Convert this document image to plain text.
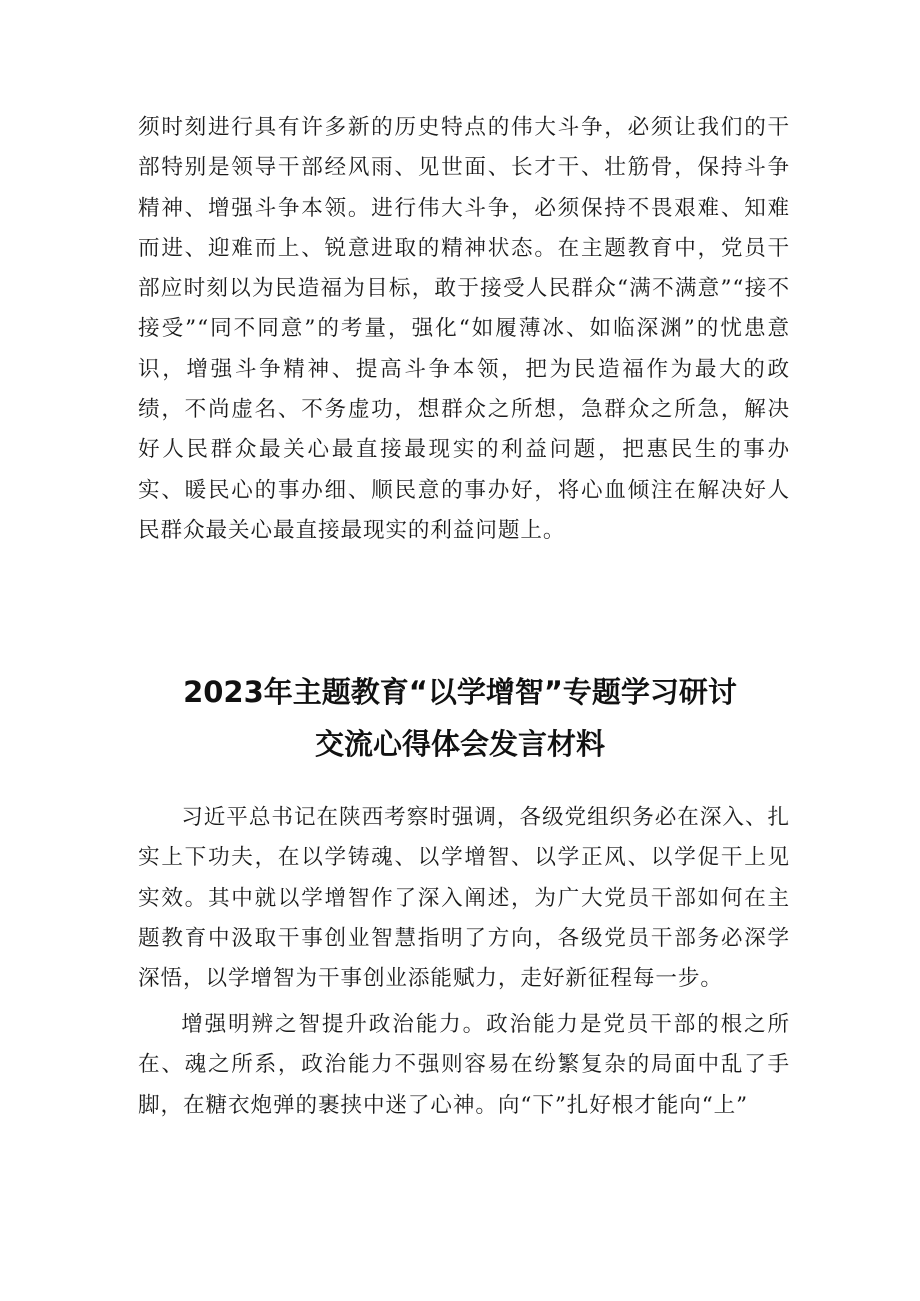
须时刻进行具有许多新的历史特点的伟大斗争，必须让我们的干部特别是领导干部经风雨、见世面、长才干、壮筋骨，保持斗争精神、增强斗争本领。进行伟大斗争，必须保持不畏艰难、知难而进、迎难而上、锐意进取的精神状态。在主题教育中，党员干部应时刻以为民造福为目标，敢于接受人民群众“满不满意”“接不接受”“同不同意”的考量，强化“如履薄冰、如临深渊”的忧患意识，增强斗争精神、提高斗争本领，把为民造福作为最大的政绩，不尚虚名、不务虚功，想群众之所想，急群众之所急，解决好人民群众最关心最直接最现实的利益问题，把惠民生的事办实、暖民心的事办细、顺民意的事办好，将心血倾注在解决好人民群众最关心最直接最现实的利益问题上。

2023年主题教育“以学增智”专题学习研讨
交流心得体会发言材料

习近平总书记在陕西考察时强调，各级党组织务必在深入、扎实上下功夫，在以学铸魂、以学增智、以学正风、以学促干上见实效。其中就以学增智作了深入阐述，为广大党员干部如何在主题教育中汲取干事创业智慧指明了方向，各级党员干部务必深学深悟，以学增智为干事创业添能赋力，走好新征程每一步。

增强明辨之智提升政治能力。政治能力是党员干部的根之所在、魂之所系，政治能力不强则容易在纷繁复杂的局面中乱了手脚，在糖衣炮弹的裹挟中迷了心神。向“下”扎好根才能向“上”
